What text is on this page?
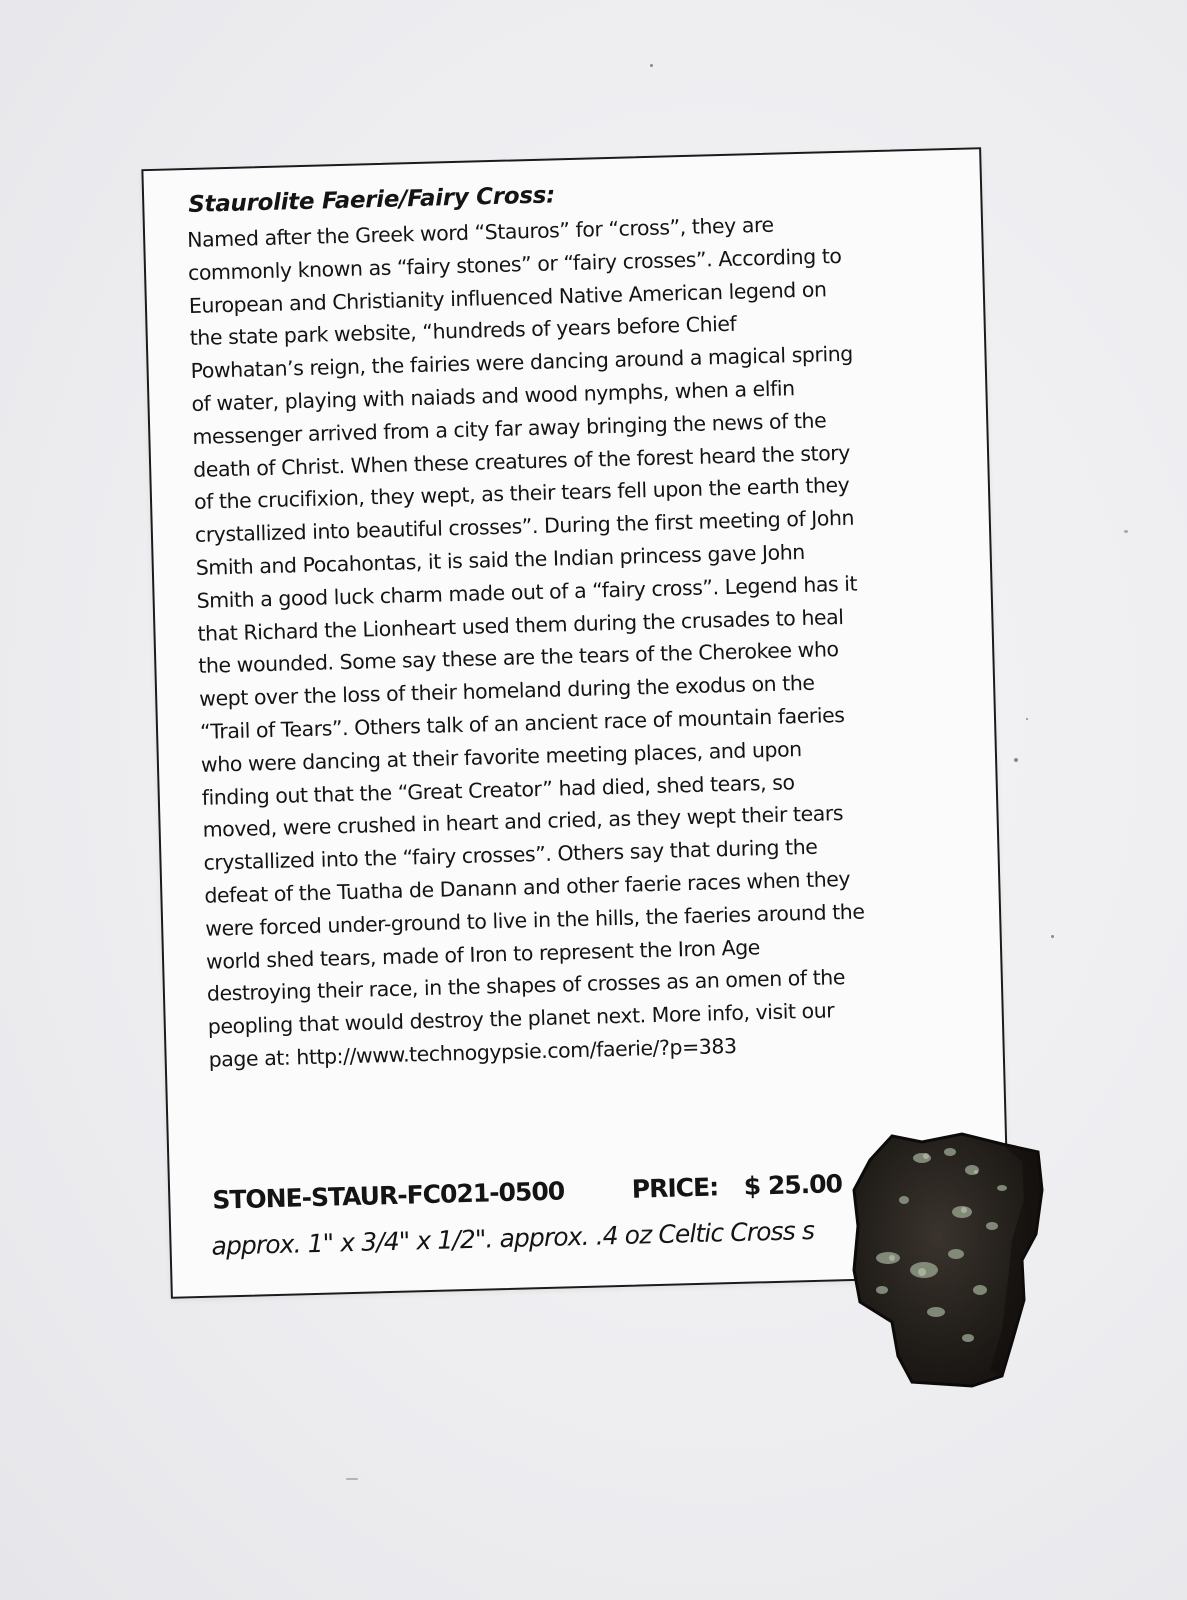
Staurolite Faerie/Fairy Cross:

Named after the Greek word “Stauros” for “cross”, they are
commonly known as “fairy stones” or “fairy crosses”. According to
European and Christianity influenced Native American legend on
the state park website, “hundreds of years before Chief
Powhatan’s reign, the fairies were dancing around a magical spring
of water, playing with naiads and wood nymphs, when a elfin
messenger arrived from a city far away bringing the news of the
death of Christ. When these creatures of the forest heard the story
of the crucifixion, they wept, as their tears fell upon the earth they
crystallized into beautiful crosses”. During the first meeting of John
Smith and Pocahontas, it is said the Indian princess gave John
Smith a good luck charm made out of a “fairy cross”. Legend has it
that Richard the Lionheart used them during the crusades to heal
the wounded. Some say these are the tears of the Cherokee who
wept over the loss of their homeland during the exodus on the
“Trail of Tears”. Others talk of an ancient race of mountain faeries
who were dancing at their favorite meeting places, and upon
finding out that the “Great Creator” had died, shed tears, so
moved, were crushed in heart and cried, as they wept their tears
crystallized into the “fairy crosses”. Others say that during the
defeat of the Tuatha de Danann and other faerie races when they
were forced under-ground to live in the hills, the faeries around the
world shed tears, made of Iron to represent the Iron Age
destroying their race, in the shapes of crosses as an omen of the
peopling that would destroy the planet next. More info, visit our
page at: http://www.technogypsie.com/faerie/?p=383

STONE-STAUR-FC021-0500	PRICE: $ 25.00
approx. 1" x 3/4" x 1/2". approx. .4 oz Celtic Cross s
